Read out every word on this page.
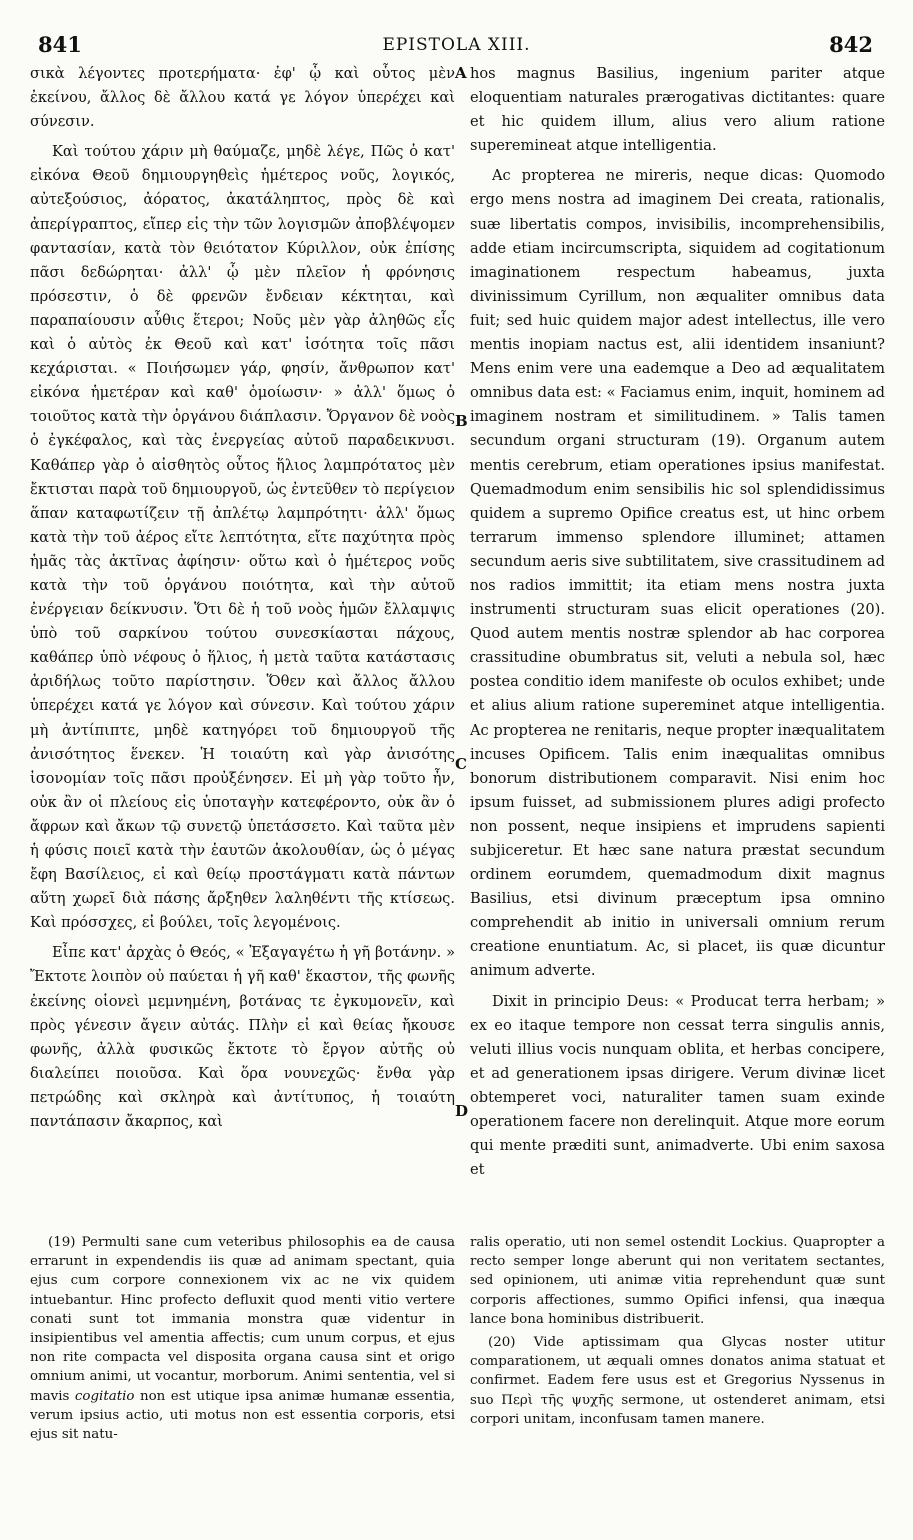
841	EPISTOLA XIII.	842

σικὰ λέγοντες προτερήματα· ἐφ' ᾧ καὶ οὗτος μὲν ἐκείνου, ἄλλος δὲ ἄλλου κατά γε λόγον ὑπερέχει καὶ σύνεσιν.

Καὶ τούτου χάριν μὴ θαύμαζε, μηδὲ λέγε, Πῶς ὁ κατ' εἰκόνα Θεοῦ δημιουργηθεὶς ἡμέτερος νοῦς, λογικός, αὐτεξούσιος, ἀόρατος, ἀκατάληπτος, πρὸς δὲ καὶ ἀπερίγραπτος, εἴπερ εἰς τὴν τῶν λογισμῶν ἀποβλέψομεν φαντασίαν, κατὰ τὸν θειότατον Κύριλλον, οὐκ ἐπίσης πᾶσι δεδώρηται· ἀλλ' ᾧ μὲν πλεῖον ἡ φρόνησις πρόσεστιν, ὁ δὲ φρενῶν ἔνδειαν κέκτηται, καὶ παραπαίουσιν αὖθις ἕτεροι; Νοῦς μὲν γὰρ ἀληθῶς εἷς καὶ ὁ αὐτὸς ἐκ Θεοῦ καὶ κατ' ἰσότητα τοῖς πᾶσι κεχάρισται. « Ποιήσωμεν γάρ, φησίν, ἄνθρωπον κατ' εἰκόνα ἡμετέραν καὶ καθ' ὁμοίωσιν· » ἀλλ' ὅμως ὁ τοιοῦτος κατὰ τὴν ὀργάνου διάπλασιν. Ὄργανον δὲ νοὸς ὁ ἐγκέφαλος, καὶ τὰς ἐνεργείας αὐτοῦ παραδεικνυσι. Καθάπερ γὰρ ὁ αἰσθητὸς οὗτος ἥλιος λαμπρότατος μὲν ἔκτισται παρὰ τοῦ δημιουργοῦ, ὡς ἐντεῦθεν τὸ περίγειον ἅπαν καταφωτίζειν τῇ ἀπλέτῳ λαμπρότητι· ἀλλ' ὅμως κατὰ τὴν τοῦ ἀέρος εἴτε λεπτότητα, εἴτε παχύτητα πρὸς ἡμᾶς τὰς ἀκτῖνας ἀφίησιν· οὕτω καὶ ὁ ἡμέτερος νοῦς κατὰ τὴν τοῦ ὀργάνου ποιότητα, καὶ τὴν αὐτοῦ ἐνέργειαν δείκνυσιν. Ὅτι δὲ ἡ τοῦ νοὸς ἡμῶν ἔλλαμψις ὑπὸ τοῦ σαρκίνου τούτου συνεσκίασται πάχους, καθάπερ ὑπὸ νέφους ὁ ἥλιος, ἡ μετὰ ταῦτα κατάστασις ἀριδήλως τοῦτο παρίστησιν. Ὅθεν καὶ ἄλλος ἄλλου ὑπερέχει κατά γε λόγον καὶ σύνεσιν. Καὶ τούτου χάριν μὴ ἀντίπιπτε, μηδὲ κατηγόρει τοῦ δημιουργοῦ τῆς ἀνισότητος ἕνεκεν. Ἡ τοιαύτη καὶ γὰρ ἀνισότης ἰσονομίαν τοῖς πᾶσι προὐξένησεν. Εἰ μὴ γὰρ τοῦτο ἦν, οὐκ ἂν οἱ πλείους εἰς ὑποταγὴν κατεφέροντο, οὐκ ἂν ὁ ἄφρων καὶ ἄκων τῷ συνετῷ ὑπετάσσετο. Καὶ ταῦτα μὲν ἡ φύσις ποιεῖ κατὰ τὴν ἑαυτῶν ἀκολουθίαν, ὡς ὁ μέγας ἔφη Βασίλειος, εἰ καὶ θείῳ προστάγματι κατὰ πάντων αὕτη χωρεῖ διὰ πάσης ἄρξηθεν λαληθέντι τῆς κτίσεως. Καὶ πρόσσχες, εἰ βούλει, τοῖς λεγομένοις.

Εἶπε κατ' ἀρχὰς ὁ Θεός, « Ἐξαγαγέτω ἡ γῆ βοτάνην. » Ἔκτοτε λοιπὸν οὐ παύεται ἡ γῆ καθ' ἕκαστον, τῆς φωνῆς ἐκείνης οἱονεὶ μεμνημένη, βοτάνας τε ἐγκυμονεῖν, καὶ πρὸς γένεσιν ἄγειν αὐτάς. Πλὴν εἰ καὶ θείας ἤκουσε φωνῆς, ἀλλὰ φυσικῶς ἔκτοτε τὸ ἔργον αὐτῆς οὐ διαλείπει ποιοῦσα. Καὶ ὅρα νουνεχῶς· ἔνθα γὰρ πετρώδης καὶ σκληρὰ καὶ ἀντίτυπος, ἡ τοιαύτη παντάπασιν ἄκαρπος, καὶ

A
B
C
D

hos magnus Basilius, ingenium pariter atque eloquentiam naturales prærogativas dictitantes: quare et hic quidem illum, alius vero alium ratione superemineat atque intelligentia.

Ac propterea ne mireris, neque dicas: Quomodo ergo mens nostra ad imaginem Dei creata, rationalis, suæ libertatis compos, invisibilis, incomprehensibilis, adde etiam incircumscripta, siquidem ad cogitationum imaginationem respectum habeamus, juxta divinissimum Cyrillum, non æqualiter omnibus data fuit; sed huic quidem major adest intellectus, ille vero mentis inopiam nactus est, alii identidem insaniunt? Mens enim vere una eademque a Deo ad æqualitatem omnibus data est: « Faciamus enim, inquit, hominem ad imaginem nostram et similitudinem. » Talis tamen secundum organi structuram (19). Organum autem mentis cerebrum, etiam operationes ipsius manifestat. Quemadmodum enim sensibilis hic sol splendidissimus quidem a supremo Opifice creatus est, ut hinc orbem terrarum immenso splendore illuminet; attamen secundum aeris sive subtilitatem, sive crassitudinem ad nos radios immittit; ita etiam mens nostra juxta instrumenti structuram suas elicit operationes (20). Quod autem mentis nostræ splendor ab hac corporea crassitudine obumbratus sit, veluti a nebula sol, hæc postea conditio idem manifeste ob oculos exhibet; unde et alius alium ratione supereminet atque intelligentia. Ac propterea ne renitaris, neque propter inæqualitatem incuses Opificem. Talis enim inæqualitas omnibus bonorum distributionem comparavit. Nisi enim hoc ipsum fuisset, ad submissionem plures adigi profecto non possent, neque insipiens et imprudens sapienti subjiceretur. Et hæc sane natura præstat secundum ordinem eorumdem, quemadmodum dixit magnus Basilius, etsi divinum præceptum ipsa omnino comprehendit ab initio in universali omnium rerum creatione enuntiatum. Ac, si placet, iis quæ dicuntur animum adverte.

Dixit in principio Deus: « Producat terra herbam; » ex eo itaque tempore non cessat terra singulis annis, veluti illius vocis nunquam oblita, et herbas concipere, et ad generationem ipsas dirigere. Verum divinæ licet obtemperet voci, naturaliter tamen suam exinde operationem facere non derelinquit. Atque more eorum qui mente præditi sunt, animadverte. Ubi enim saxosa et

(19) Permulti sane cum veteribus philosophis ea de causa errarunt in expendendis iis quæ ad animam spectant, quia ejus cum corpore connexionem vix ac ne vix quidem intuebantur. Hinc profecto defluxit quod menti vitio vertere conati sunt tot immania monstra quæ videntur in insipientibus vel amentia affectis; cum unum corpus, et ejus non rite compacta vel disposita organa causa sint et origo omnium animi, ut vocantur, morborum. Animi sententia, vel si mavis cogitatio non est utique ipsa animæ humanæ essentia, verum ipsius actio, uti motus non est essentia corporis, etsi ejus sit natu-

ralis operatio, uti non semel ostendit Lockius. Quapropter a recto semper longe aberunt qui non veritatem sectantes, sed opinionem, uti animæ vitia reprehendunt quæ sunt corporis affectiones, summo Opifici infensi, qua inæqua lance bona hominibus distribuerit.

(20) Vide aptissimam qua Glycas noster utitur comparationem, ut æquali omnes donatos anima statuat et confirmet. Eadem fere usus est et Gregorius Nyssenus in suo Περὶ τῆς ψυχῆς sermone, ut ostenderet animam, etsi corpori unitam, inconfusam tamen manere.
